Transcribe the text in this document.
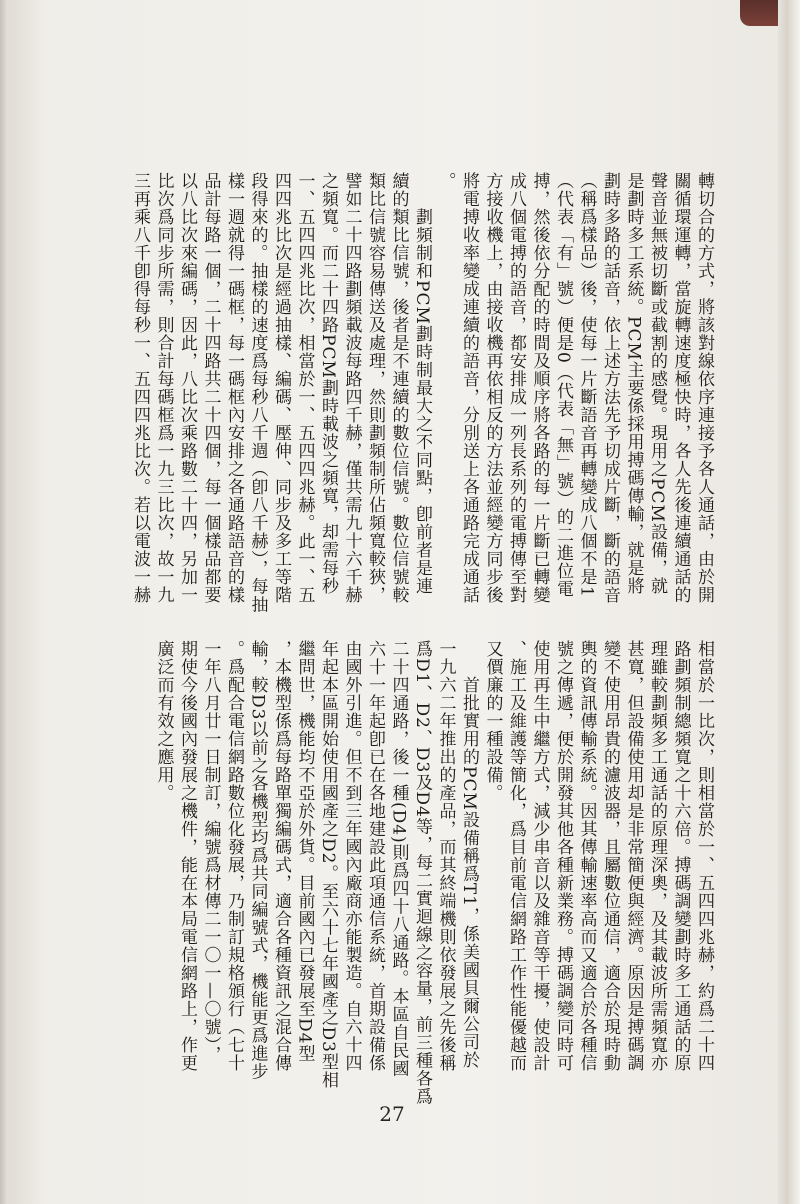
轉切合的方式，將該對線依序連接予各人通話，由於開
關循環運轉，當旋轉速度極快時，各人先後連續通話的
聲音並無被切斷或截割的感覺。現用之PCM設備，就
是劃時多工系統。PCM主要係採用搏碼傳輸，就是將
劃時多路的話音，依上述方法先予切成片斷，斷的語音
（稱爲樣品）後，使每一片斷語音再轉變成八個不是1
（代表「有」號）便是0（代表「無」號）的二進位電
搏，然後依分配的時間及順序將各路的每一片斷已轉變
成八個電搏的語音，都安排成一列長系列的電搏傳至對
方接收機上，由接收機再依相反的方法並經變方同步後
將電搏收率變成連續的語音，分別送上各通路完成通話
。
　　劃頻制和PCM劃時制最大之不同點，卽前者是連
續的類比信號，後者是不連續的數位信號。數位信號較
類比信號容易傳送及處理，然則劃頻制所佔頻寬較狹，
譬如二十四路劃頻載波每路四千赫，僅共需九十六千赫
之頻寬。而二十四路PCM劃時載波之頻寬，却需每秒
一、五四四兆比次，相當於一、五四四兆赫。此一、五
四四兆比次是經過抽樣、編碼、壓伸、同步及多工等階
段得來的。抽樣的速度爲每秒八千週（卽八千赫），每抽
樣一週就得一碼框，每一碼框內安排之各通路語音的樣
品計每路一個，二十四路共二十四個，每一個樣品都要
以八比次來編碼，因此，八比次乘路數二十四，另加一
比次爲同步所需，則合計每碼框爲一九三比次，故一九
三再乘八千卽得每秒一、五四四兆比次。若以電波一赫
相當於一比次，則相當於一、五四四兆赫，約爲二十四
路劃頻制總頻寬之十六倍。搏碼調變劃時多工通話的原
理雖較劃頻多工通話的原理深奧，及其載波所需頻寬亦
甚寬，但設備使用却是非常簡便與經濟。原因是搏碼調
變不使用昂貴的濾波器，且屬數位通信，適合於現時動
輿的資訊傳輸系統。因其傳輸速率高而又適合於各種信
號之傳遞，便於開發其他各種新業務。搏碼調變同時可
使用再生中繼方式，減少串音以及雜音等干擾，使設計
、施工及維護等簡化，爲目前電信網路工作性能優越而
又價廉的一種設備。
　　首批實用的PCM設備稱爲T1，係美國貝爾公司於
一九六二年推出的產品，而其終端機則依發展之先後稱
爲D1、D2、D3及D4等，每二實迴線之容量，前三種各爲
二十四通路，後一種(D4)則爲四十八通路。本區自民國
六十一年起卽已在各地建設此項通信系統，首期設備係
由國外引進。但不到三年國內廠商亦能製造。自六十四
年起本區開始使用國產之D2。至六十七年國產之D3型相
繼問世，機能均不亞於外貨。目前國內已發展至D4型
，本機型係爲每路單獨編碼式，適合各種資訊之混合傳
輸，較D3以前之各機型均爲共同編號式，機能更爲進步
。爲配合電信網路數位化發展，乃制訂規格頒行（七十
一年八月廿一日制訂，編號爲材傳二一〇一—〇號），
期使今後國內發展之機件，能在本局電信網路上，作更
廣泛而有效之應用。
27
